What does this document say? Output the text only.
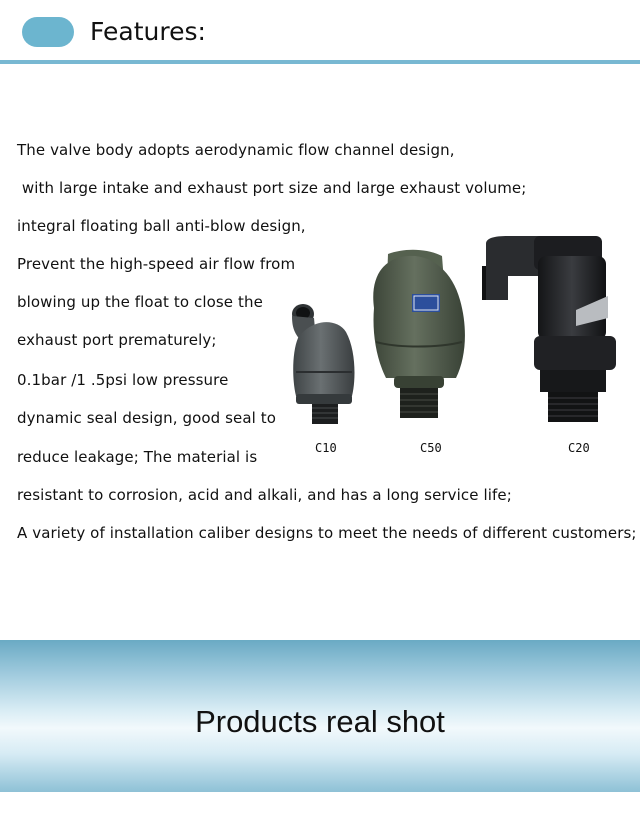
Features:
The valve body adopts aerodynamic flow channel design,
with large intake and exhaust port size and large exhaust volume;
integral floating ball anti-blow design,
Prevent the high-speed air flow from
blowing up the float to close the
exhaust port prematurely;
0.1bar /1 .5psi low pressure
dynamic seal design, good seal to
reduce leakage; The material is
resistant to corrosion, acid and alkali, and has a long service life;
A variety of installation caliber designs to meet the needs of different customers;
C10	C50	C20
Products real shot
